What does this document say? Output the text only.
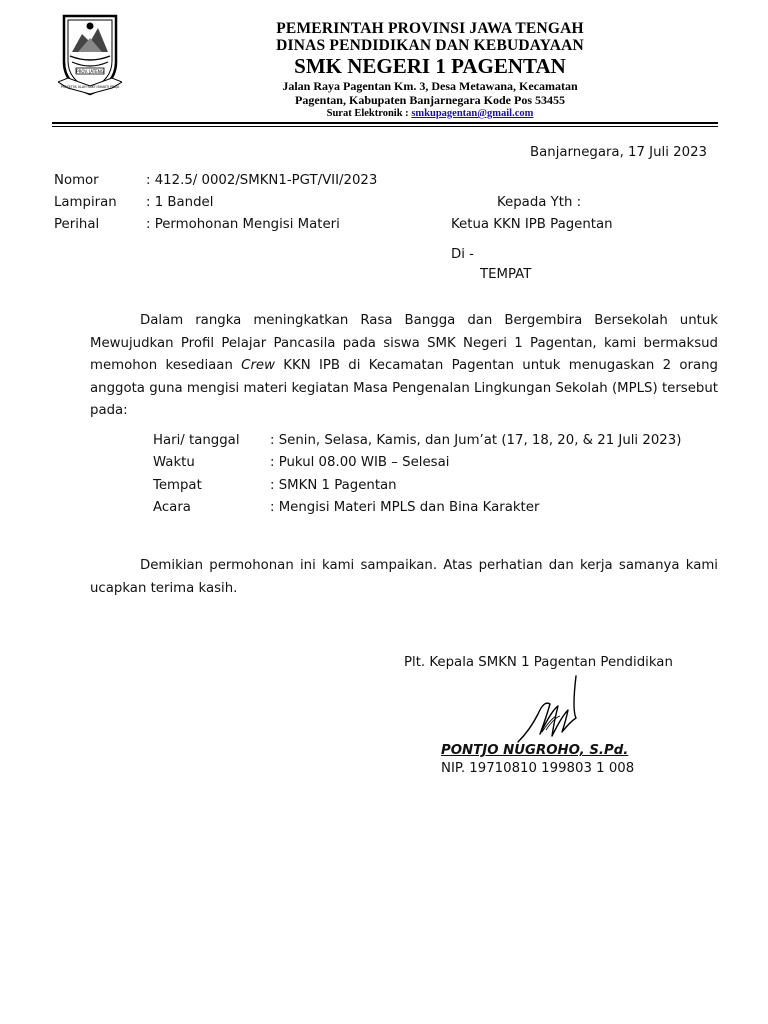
PROV. JATENG
PRASETYA ULAH SAKTI BHAKTI PRAJA
PEMERINTAH PROVINSI JAWA TENGAH
DINAS PENDIDIKAN DAN KEBUDAYAAN
SMK NEGERI 1 PAGENTAN
Jalan Raya Pagentan Km. 3, Desa Metawana, Kecamatan
Pagentan, Kabupaten Banjarnegara Kode Pos 53455
Surat Elektronik : smkupagentan@gmail.com
Banjarnegara, 17 Juli 2023
Nomor	: 412.5/ 0002/SMKN1-PGT/VII/2023
Lampiran : 1 Bandel
Perihal	: Permohonan Mengisi Materi
Kepada Yth :
Ketua KKN IPB Pagentan
Di -
TEMPAT
Dalam rangka meningkatkan Rasa Bangga dan Bergembira Bersekolah untuk Mewujudkan Profil Pelajar Pancasila pada siswa SMK Negeri 1 Pagentan, kami bermaksud memohon kesediaan Crew KKN IPB di Kecamatan Pagentan untuk menugaskan 2 orang anggota guna mengisi materi kegiatan Masa Pengenalan Lingkungan Sekolah (MPLS) tersebut pada:
Hari/ tanggal : Senin, Selasa, Kamis, dan Jum’at (17, 18, 20, & 21 Juli 2023)
Waktu	: Pukul 08.00 WIB – Selesai
Tempat	: SMKN 1 Pagentan
Acara	: Mengisi Materi MPLS dan Bina Karakter
Demikian permohonan ini kami sampaikan. Atas perhatian dan kerja samanya kami ucapkan terima kasih.
Plt. Kepala SMKN 1 Pagentan Pendidikan
PONTJO NUGROHO, S.Pd.
NIP. 19710810 199803 1 008
